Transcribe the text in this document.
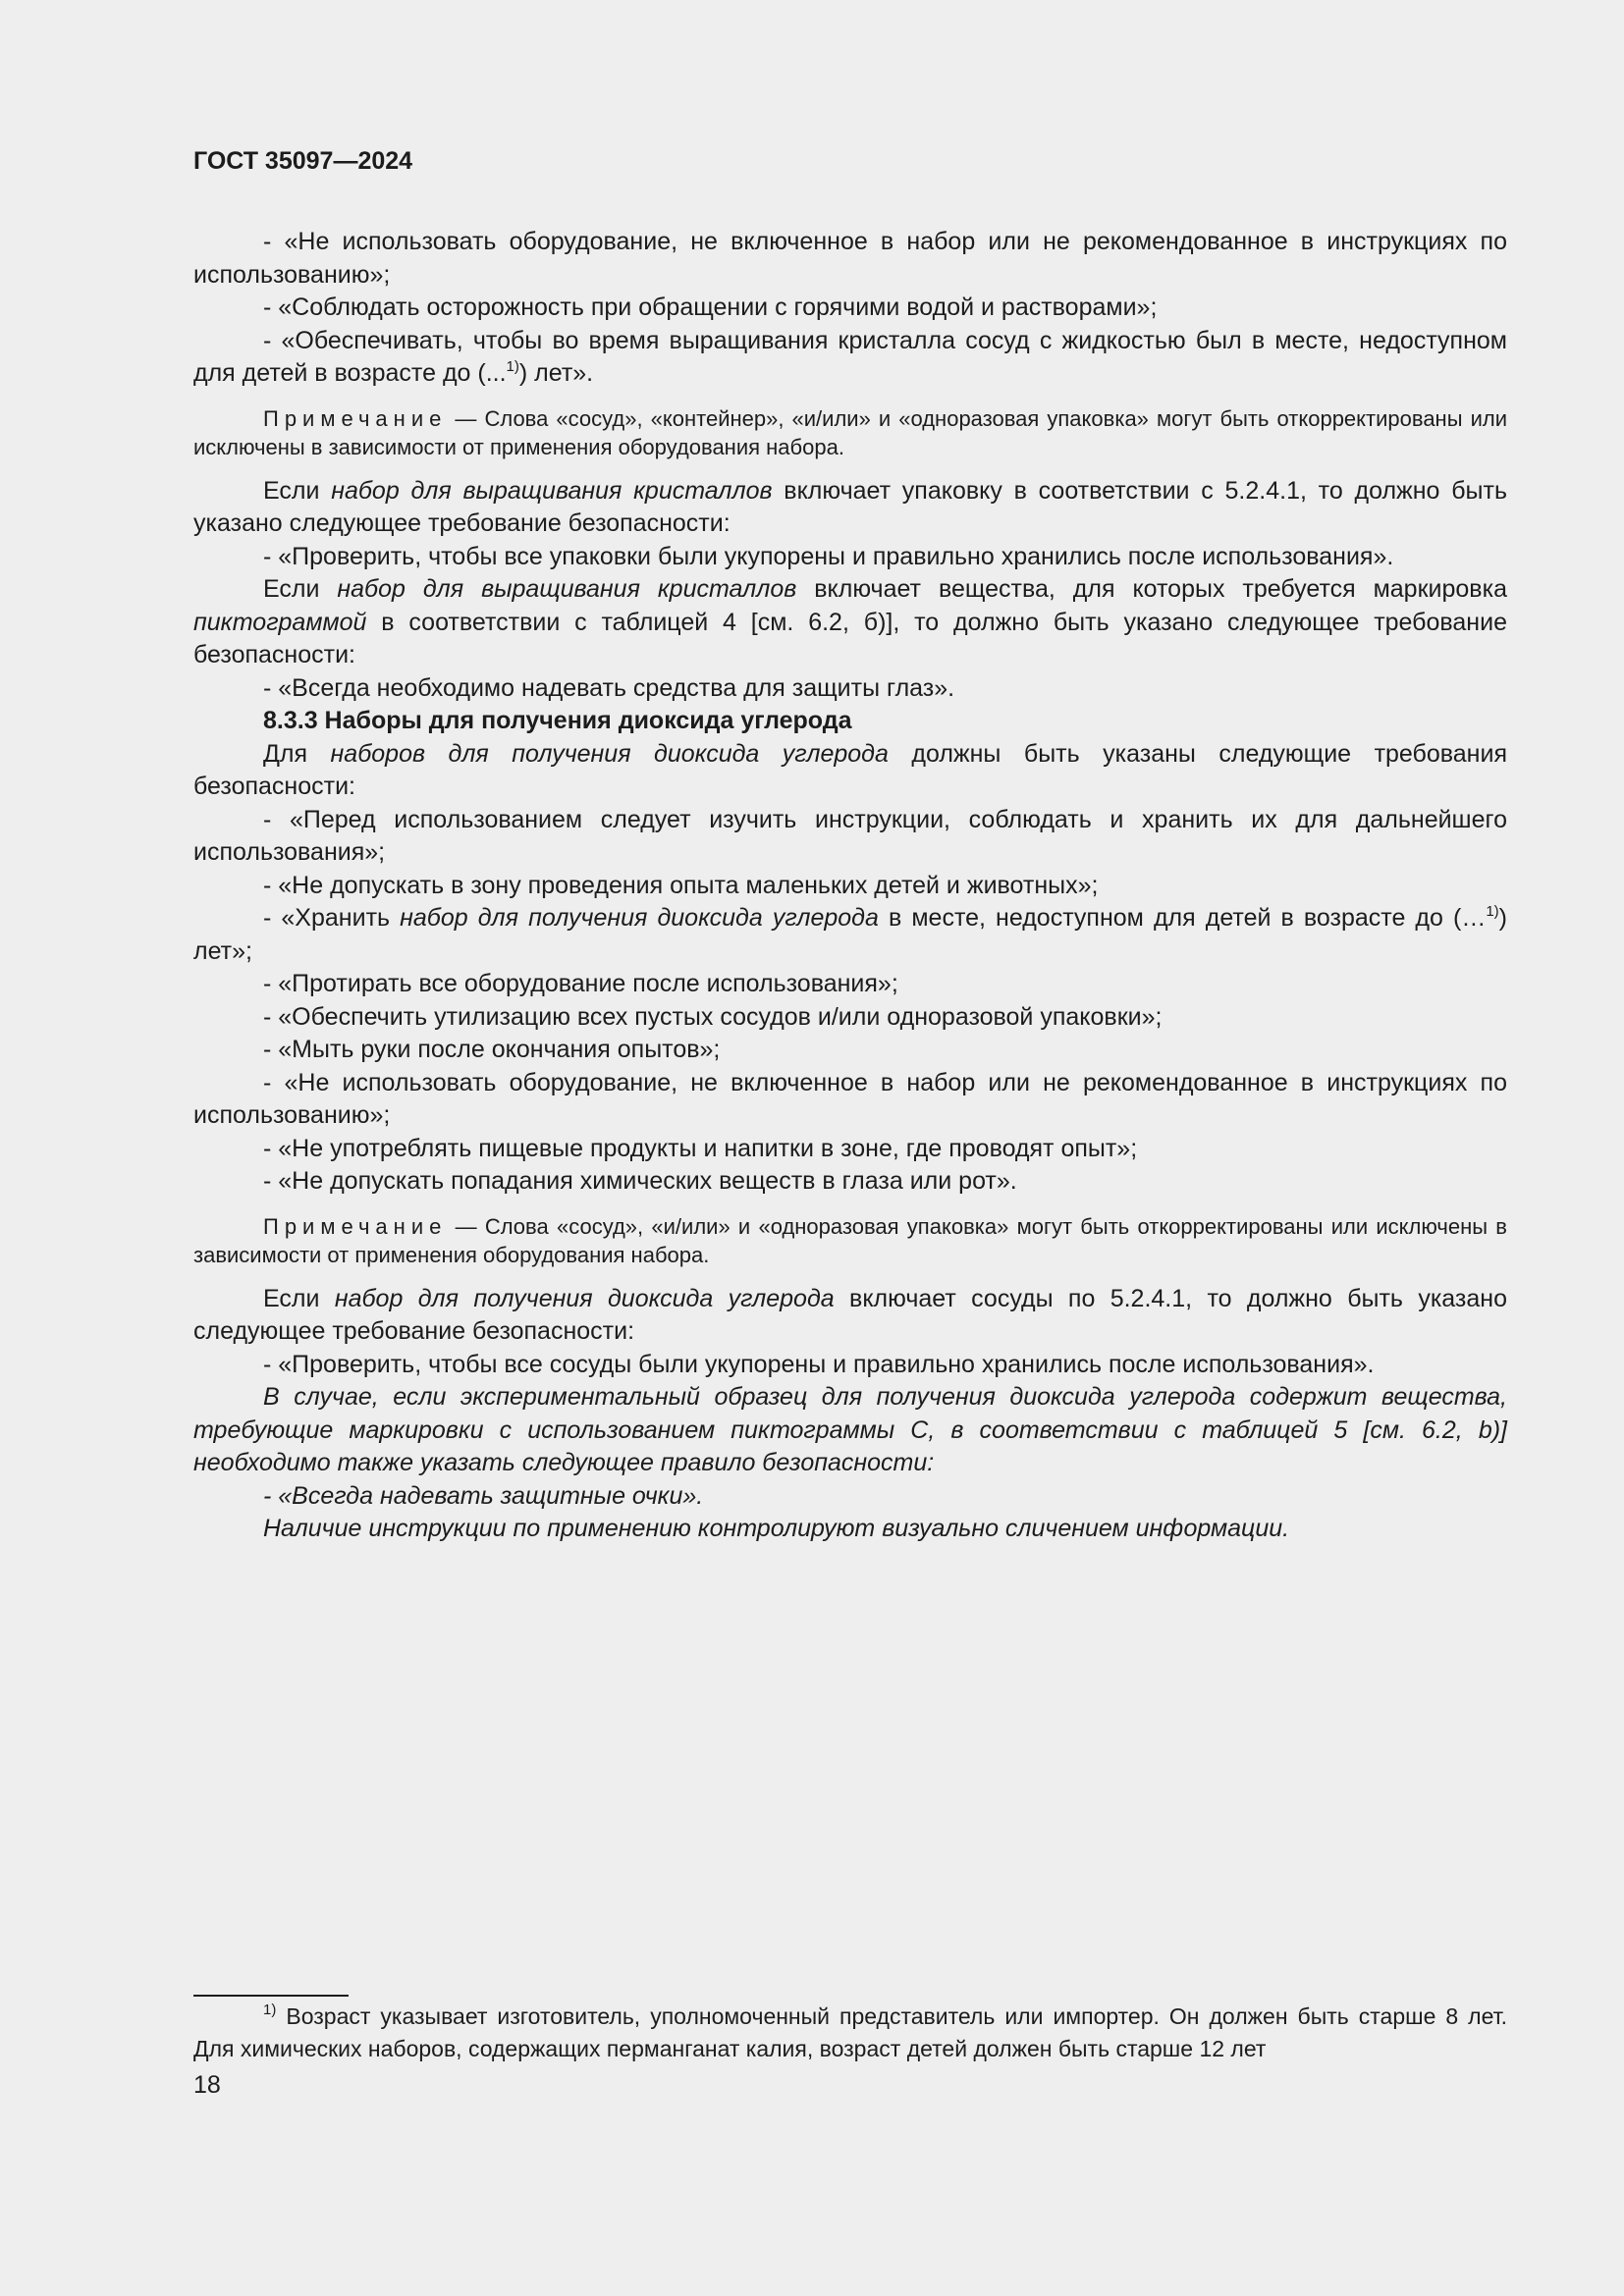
ГОСТ 35097—2024

- «Не использовать оборудование, не включенное в набор или не рекомендованное в инструкциях по использованию»;

- «Соблюдать осторожность при обращении с горячими водой и растворами»;

- «Обеспечивать, чтобы во время выращивания кристалла сосуд с жидкостью был в месте, недоступном для детей в возрасте до (...$^{1)}$) лет».

Примечание — Слова «сосуд», «контейнер», «и/или» и «одноразовая упаковка» могут быть откорректированы или исключены в зависимости от применения оборудования набора.

Если набор для выращивания кристаллов включает упаковку в соответствии с 5.2.4.1, то должно быть указано следующее требование безопасности:

- «Проверить, чтобы все упаковки были укупорены и правильно хранились после использования».

Если набор для выращивания кристаллов включает вещества, для которых требуется маркировка пиктограммой в соответствии с таблицей 4 [см. 6.2, б)], то должно быть указано следующее требование безопасности:

- «Всегда необходимо надевать средства для защиты глаз».

8.3.3 Наборы для получения диоксида углерода

Для наборов для получения диоксида углерода должны быть указаны следующие требования безопасности:

- «Перед использованием следует изучить инструкции, соблюдать и хранить их для дальнейшего использования»;

- «Не допускать в зону проведения опыта маленьких детей и животных»;

- «Хранить набор для получения диоксида углерода в месте, недоступном для детей в возрасте до (…$^{1)}$) лет»;

- «Протирать все оборудование после использования»;

- «Обеспечить утилизацию всех пустых сосудов и/или одноразовой упаковки»;

- «Мыть руки после окончания опытов»;

- «Не использовать оборудование, не включенное в набор или не рекомендованное в инструкциях по использованию»;

- «Не употреблять пищевые продукты и напитки в зоне, где проводят опыт»;

- «Не допускать попадания химических веществ в глаза или рот».

Примечание — Слова «сосуд», «и/или» и «одноразовая упаковка» могут быть откорректированы или исключены в зависимости от применения оборудования набора.

Если набор для получения диоксида углерода включает сосуды по 5.2.4.1, то должно быть указано следующее требование безопасности:

- «Проверить, чтобы все сосуды были укупорены и правильно хранились после использования».

В случае, если экспериментальный образец для получения диоксида углерода содержит вещества, требующие маркировки с использованием пиктограммы С, в соответствии с таблицей 5 [см. 6.2, b)] необходимо также указать следующее правило безопасности:

- «Всегда надевать защитные очки».

Наличие инструкции по применению контролируют визуально сличением информации.

$^{1)}$ Возраст указывает изготовитель, уполномоченный представитель или импортер. Он должен быть старше 8 лет. Для химических наборов, содержащих перманганат калия, возраст детей должен быть старше 12 лет

18
